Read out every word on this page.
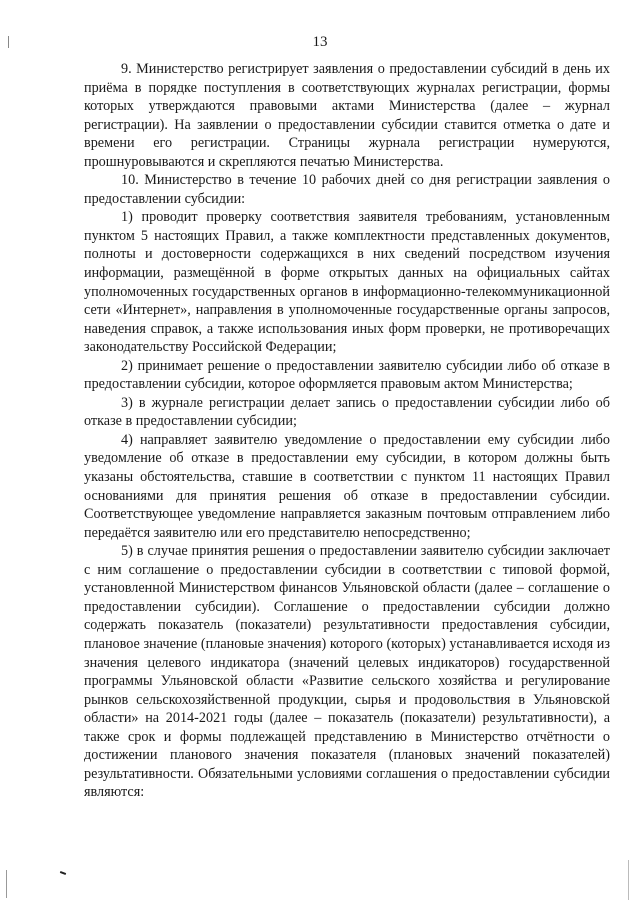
13

9. Министерство регистрирует заявления о предоставлении субсидий в день их приёма в порядке поступления в соответствующих журналах регистрации, формы которых утверждаются правовыми актами Министерства (далее – журнал регистрации). На заявлении о предоставлении субсидии ставится отметка о дате и времени его регистрации. Страницы журнала регистрации нумеруются, прошнуровываются и скрепляются печатью Министерства.

10. Министерство в течение 10 рабочих дней со дня регистрации заявления о предоставлении субсидии:

1) проводит проверку соответствия заявителя требованиям, установленным пунктом 5 настоящих Правил, а также комплектности представленных документов, полноты и достоверности содержащихся в них сведений посредством изучения информации, размещённой в форме открытых данных на официальных сайтах уполномоченных государственных органов в информационно-телекоммуникационной сети «Интернет», направления в уполномоченные государственные органы запросов, наведения справок, а также использования иных форм проверки, не противоречащих законодательству Российской Федерации;

2) принимает решение о предоставлении заявителю субсидии либо об отказе в предоставлении субсидии, которое оформляется правовым актом Министерства;

3) в журнале регистрации делает запись о предоставлении субсидии либо об отказе в предоставлении субсидии;

4) направляет заявителю уведомление о предоставлении ему субсидии либо уведомление об отказе в предоставлении ему субсидии, в котором должны быть указаны обстоятельства, ставшие в соответствии с пунктом 11 настоящих Правил основаниями для принятия решения об отказе в предоставлении субсидии. Соответствующее уведомление направляется заказным почтовым отправлением либо передаётся заявителю или его представителю непосредственно;

5) в случае принятия решения о предоставлении заявителю субсидии заключает с ним соглашение о предоставлении субсидии в соответствии с типовой формой, установленной Министерством финансов Ульяновской области (далее – соглашение о предоставлении субсидии). Соглашение о предоставлении субсидии должно содержать показатель (показатели) результативности предоставления субсидии, плановое значение (плановые значения) которого (которых) устанавливается исходя из значения целевого индикатора (значений целевых индикаторов) государственной программы Ульяновской области «Развитие сельского хозяйства и регулирование рынков сельскохозяйственной продукции, сырья и продовольствия в Ульяновской области» на 2014-2021 годы (далее – показатель (показатели) результативности), а также срок и формы подлежащей представлению в Министерство отчётности о достижении планового значения показателя (плановых значений показателей) результативности. Обязательными условиями соглашения о предоставлении субсидии являются:
